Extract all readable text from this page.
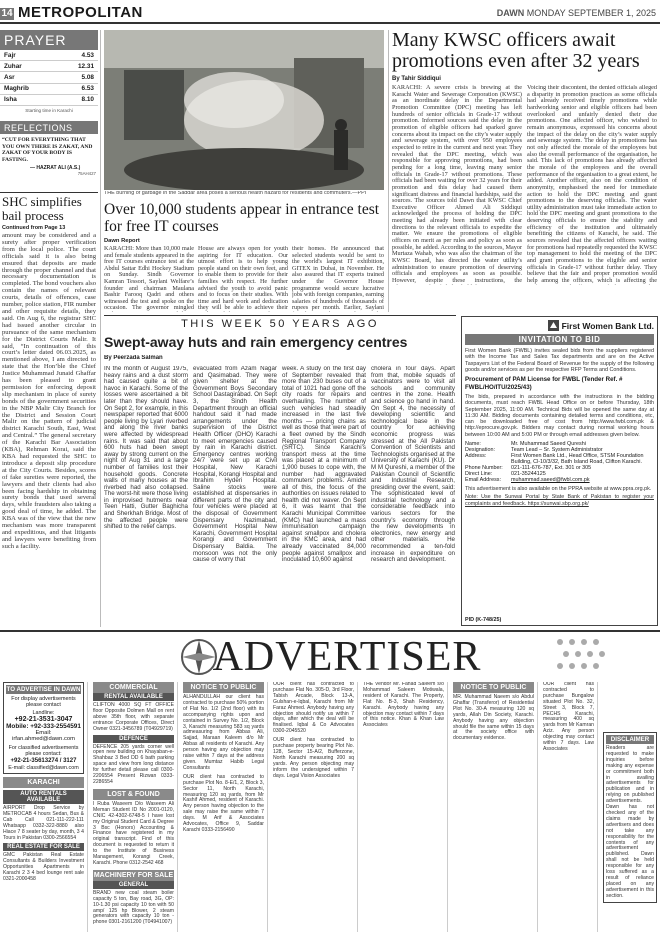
14 METROPOLITAN	DAWN MONDAY SEPTEMBER 1, 2025
PRAYER
Fajr	4.53
Zuhar	12.31
Asr	5.08
Maghrib	6.53
Isha	8.10
Starting time in Karachi
REFLECTIONS
“CUT FOR EVERYTHING THAT YOU OWN THERE IS ZAKAT, AND ZAKAT OF YOUR BODY IS FASTING.
— HAZRAT ALI (A.S.)
75AH427
SHC simplifies bail process
Continued from Page 13
amount may be considered and a surety after proper verification from the local police. The court officials said it is also being ensured that deposits are made through the proper channel and that necessary documentation is completed. The bond vouchers also contain the names of relevant courts, details of offences, case number, police station, FIR number and other requisite details, they said. On Aug 6, the registrar SHC had issued another circular in pursuance of the same mechanism for the District Courts Malir. It said, “In continuation of this court’s letter dated 06.03.2025, as mentioned above, I am directed to state that the Hon’ble the Chief Justice Muhammad Junaid Ghaffar has been pleased to grant permission for enforcing deposit slip mechanism in place of surety bonds of the government securities in the NBP Malir City Branch for the District and Session Court Malir on the pattern of judicial district Karachi South, East, West and Central.” The general secretary of the Karachi Bar Association (KBA), Rehman Korai, said the KBA had requested the SHC to introduce a deposit slip procedure at the City Courts. Besides, scores of fake sureties were reported, the lawyers and their clients had also been facing hardship in obtaining surety bonds that used several days, while fraudsters also taking a good deal of time, he added. The KBA was of the view that the new mechanism was more transparent and expeditious, and that litigants and lawyers were benefiting from such a facility.
THE burning of garbage in the Saddar area poses a serious health hazard for residents and commuters.—PPI
Over 10,000 students appear in entrance test for free IT courses
Dawn Report
KARACHI: More than 10,000 male and female students appeared in the free IT courses entrance test at the Abdul Sattar Edhi Hockey Stadium on Sunday. Sindh Governor Kamran Tessori, Saylani Welfare’s founder and chairman Maulana Bashir Farooq Qadri and others witnessed the test and spoke on the occasion. The governor mingled
House are always open for youth aspiring for IT education. Our utmost effort is to help young people stand on their own feet, and to enable them to provide for their families with respect. He further advised the youth to avoid panic and to focus on their studies. With time and hard work and dedication they will be able to achieve their
their homes. He announced that selected students would be sent to the world's largest IT exhibition, GITEX in Dubai, in November. He also assured that IT experts trained under the Governor House programme would secure lucrative jobs with foreign companies, earning salaries of hundreds of thousands of rupees per month. Earlier, Saylani
Many KWSC officers await promotions even after 32 years
By Tahir Siddiqui
KARACHI: A severe crisis is brewing at the Karachi Water and Sewerage Corporation (KWSC) as an inordinate delay in the Departmental Promotion Committee (DPC) meeting has left hundreds of senior officials in Grade-17 without promotion. Informed sources said the delay in the promotion of eligible officers had sparked grave concerns about its impact on the city’s water supply and sewerage system, with over 950 employees expected to retire in the current and next year. They revealed that the DPC meeting, which was responsible for approving promotions, had been pending for a long time, leaving many senior officials in Grade-17 without promotions. These officials had been waiting for over 32 years for their promotion and this delay had caused them significant distress and financial hardships, said the sources. The sources told Dawn that KWSC Chief Executive Officer Ahmed Ali Siddiqui acknowledged the process of holding the DPC meeting had already been initiated with clear directions to the relevant officials to expedite the matter. We ensure the promotions of eligible officers on merit as per rules and policy as soon as possible, he added. According to the sources, Mayor Murtaza Wahab, who was also the chairman of the KWSC Board, has directed the water utility’s administration to ensure promotion of deserving officials and employees as soon as possible. However, despite these instructions, the
Voicing their discontent, the denied officials alleged a disparity in promotion practices as some officials had already received timely promotions while hardworking senior and eligible officers had been overlooked and unfairly denied their due promotions. One affected officer, who wished to remain anonymous, expressed his concerns about the impact of the delay on the city’s water supply and sewerage system. The delay in promotions has not only affected the morale of the employees but also the overall performance of the organisation, he said. This lack of promotions has already affected the morale of the employees and the overall performance of the organisation to a great extent, he added. Another officer, also on the condition of anonymity, emphasised the need for immediate action to hold the DPC meeting and grant promotions to the deserving officials. The water utility administration must take immediate action to hold the DPC meeting and grant promotions to the deserving officials to ensure the stability and efficiency of the institution and ultimately benefiting the citizens of Karachi, he said. The sources revealed that the affected officers waiting for promotions had repeatedly requested the KWSC top management to hold the meeting of the DPC and grant promotions to the eligible and senior officials in Grade-17 without further delay. They believe that the fair and proper promotion would help among the officers, which is affecting the
THIS WEEK 50 YEARS AGO
Swept-away huts and rain emergency centres
By Peerzada Salman
IN the month of August 1975, heavy rains and a dust storm had caused quite a bit of havoc in Karachi. Some of the losses were ascertained a bit later than they should have. On Sept 2, for example, in this newspaper reported that 6000 people living by Lyari riverbed and along the river banks were affected by widespread rains. It was said that about 600 huts had been swept away by strong current on the night of Aug 31 and a large number of families lost their household goods. Concrete walls of many houses at the riverbed had also collapsed. The worst-hit were those living in improvised hutments near Teen Hatti, Gutter Baghicha and Sherkhah Bridge. Most of the affected people were shifted to the relief camps.
evacuated from Azam Nagar and Qasimabad. They were given shelter at the Government Boys Secondary School Dastagirabad. On Sept 3, the Sindh Health Department through an official handout said it had made arrangements under the supervision of the District Health Officer (DHO) Karachi to meet emergencies caused by rain in Karachi district. Emergency centres working 24/7 were set up at Civil Hospital, New Karachi Hospital, Korangi Hospital and Ibrahim Hyderi Hospital. Saline stocks were established at dispensaries in different parts of the city and four vehicles were placed at the disposal of Government Dispensary Nazimabad, Government Hospital New Karachi, Government Hospital Korangi and Government Dispensary Baldia. The monsoon was not the only cause of worry that
week. A study on the first day of September revealed that more than 230 buses out of a total of 1021 had gone off the city roads for repairs and overhauling. The number of such vehicles had steadily increased in the last five months — pricing chains as well as those that were part of a fleet owned by the Sindh Regional Transport Company (SRTC). Since Karachi’s transport mess at the time was placed at a minimum of 1,900 buses to cope with, the number had aggravated commuters’ problems. Amidst all of this, the focus of the authorities on issues related to health did not waver. On Sept 6, it was learnt that the Karachi Municipal Committee (KMC) had launched a mass immunisation campaign against smallpox and cholera in the KMC area, and had already vaccinated 84,000 people against smallpox and inoculated 10,600 against
cholera in four days. Apart from that, mobile squads of vaccinators were to visit all schools and community centres in the zone. Health and science go hand in hand. On Sept 4, the necessity of developing scientific and technological base in the country for achieving economic progress was stressed at the All Pakistan Convention of Scientists and Technologists organised at the University of Karachi (KU). Dr M M Qureshi, a member of the Pakistan Council of Scientific and Industrial Research, presiding over the event, said: The sophisticated level of industrial technology and a considerable feedback into various sectors for the country’s economy through the new developments in electronics, new energy and other materials. He recommended a ten-fold increase in expenditure on research and development.
First Women Bank Ltd.
INVITATION TO BID
First Women Bank (FWBL) invites sealed bids from the suppliers registered with the Income Tax and Sales Tax departments and are on the Active Taxpayers List of the Federal Board of Revenue for the supply of the following goods and/or services as per the respective RFP Terms and Conditions.
Procurement of PAM License for FWBL (Tender Ref. # FWBL/HO/ITU/2025/43)
The bids, prepared in accordance with the instructions in the bidding documents, must reach FWBL Head Office on or before Thursday, 18th September 2025, 11:00 AM. Technical Bids will be opened the same day at 11:30 AM. Bidding documents containing detailed terms and conditions, etc, can be downloaded free of cost from http://www.fwbl.com.pk & http://eprocure.gov.pk. Bidders may contact during normal working hours between 10:00 AM and 5:00 PM or through email addresses given below.
Name:	Mr. Muhammad Saeed Qureshi
Designation:	Team Lead – Sr. System Administrator
Address:	First Women Bank Ltd., Head Office, STSM Foundation Building, Cl-10/3/32, Bath Island Road, Clifton Karachi.
Phone Number:	021-111-676-787, Ext. 301 or 305
Direct Line:	021-35244125
Email Address:	muhammad.saeed@fwbl.com.pk
This advertisement is also available on the PPRA website at www.ppra.org.pk.
Note: Use the Sunwai Portal by State Bank of Pakistan to register your complaints and feedback. https://sunwai.sbp.org.pk/
PID (K-748/25)
ADVERTISER
TO ADVERTISE IN DAWN
For display advertisements please contact
Landline:
+92-21-3531-3047
Mobile: +92-333-2554591
Email: irfan.ahmed@dawn.com
For classified advertisements please contact:
+92-21-35613274 / 3127
E-mail: classified@dawn.com
KARACHI
AUTO RENTALS AVAILABLE
AIRPORT Drop Service by METROCAB 4 hours Sedan, Bus & Cab Call 021-111-222-111 Whatsapp 0332-322-8880 also Hiace 7 8 seater by day, month, 3 4 Tours in Pakistan 0300-2566554
REAL ESTATE FOR SALE
GMC Pakistan Real Estate Consultants & Builders Investment Opportunities Apartments in Karachi 2 3 4 bed lounge rent sale 0321-2000458
COMMERCIAL
RENTAL AVAILABLE
CLIFTON 4000 SQ FT OFFICE floor Opposite Dolmen Mall on rent above 35th floor, with separate entrance Corporate Offices, Direct Owner 0321-3456789 (T04929719)
DEFENCE
DEFENCE 205 yards corner well open new building on Khayaban-e-Shahbaz 3 Bed DD 6 bath parking space and view from long distance for further detail please call 0300-2206554 Present Rizwan 0333-2286554
LOST & FOUND
I Ruba Waseem D/o Waseem Ali Meman Student ID No 2001-0120, CNIC 42-4302-6748-5 I have lost my Original Student Card & Degree 3 Bsc (Honors) Accounting & Finance have registered in my original transcript. Find of this document is requested to return it to the Institute of Business Management, Korangi Creek, Karachi. Phone 0312-2542 468
MACHINERY FOR SALE
GENERAL
BRAND new coal steam boiler capacity 5 ton, Bay road, 3G, OP: 10-1.30 psi capacity 10 ton with 50 amp/ 125 hp Blower, 2 steam generators with capacity 10 ton - phone 0301-2161200 (T04941007)
NOTICE TO PUBLIC
ALHANDULLAH our client has contracted to purchase 50% portion of Flat No. 1/2 (2nd floor) with its accompanying rights upon and contained in Survey No. 1/2, Block 3, Karachi measuring 583 sq yards admeasuring from Abbas Ali, Sajjad, Maraan Kaleem d/o Mr Abbas all residents of Karachi. Any person having any objection may raise within 7 days at the address given. Mumtaz Habib Legal Consultants
OUR client has contracted to purchase Plot No. 8-E/1, 2, Block 3, Sector 11, North Karachi, measuring 120 sq yards, from Mr Kashif Ahmed, resident of Karachi. Any person having objection to the sale may raise the same within 7 days. M Arif & Associates Advocates, Office 9, Saddar Karachi 0333-2156490
OUR client has contracted to purchase Flat No. 305-D, 3rd Floor, Tabish Arcade, Block 13-A, Gulshan-e-Iqbal, Karachi from Mr Faraz Ahmed. Anybody having any objection should notify us within 7 days, after which the deal will be finalised. Iqbal & Co Advocates 0300-2045520
OUR client has contracted to purchase property bearing Plot No. 128, Sector 15-A/2, Bufferzone, North Karachi measuring 200 sq yards. Any person objecting may inform the undersigned within 7 days. Legal Vision Associates
THE Vendor Mr. Fahad Saleem s/o Mohammad Saleem Motiwala, resident of Karachi. The Property, Flat No. B-3, Shah Residency, Karachi. Anybody having any objection may contact within 7 days of this notice. Khan & Khan Law Associates
NOTICE TO PUBLIC
MR. Muhammad Naeem s/o Abdul Ghaffar (Transferor) of Residential Plot No. 30-A measuring 120 sq yards, Allah Din Society, Karachi. Anybody having any objection should file the same within 15 days at the society office with documentary evidence.
OUR client has contracted to purchase Bungalow situated Plot No. 32, Street 3, Block 7, PECHS Karachi, measuring 400 sq yards from Mr Kamran Aziz. Any person objecting may contact within 7 days. Law Associates
DISCLAIMER
Readers are requested to make inquiries before making any expense or commitment both in availing advertisements for publication and in relying on published advertisements. Dawn has not checked any of the claims made by advertisers and does not take any responsibility for the contents of any advertisement published. Dawn shall not be held responsible for any loss suffered as a result of reliance placed on any advertisement in this section.
